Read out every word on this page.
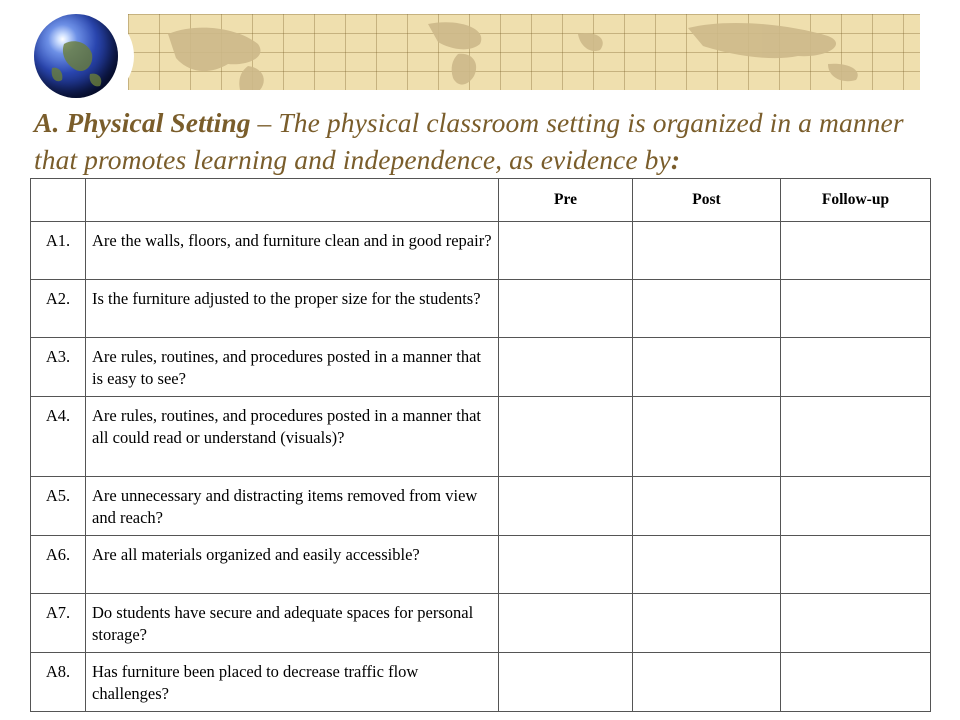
A. Physical Setting – The physical classroom setting is organized in a manner that promotes learning and independence, as evidence by:
		Pre	Post	Follow-up
A1.	Are the walls, floors, and furniture clean and in good repair?			
A2.	Is the furniture adjusted to the proper size for the students?			
A3.	Are rules, routines, and procedures posted in a manner that is easy to see?			
A4.	Are rules, routines, and procedures posted in a manner that all could read or understand (visuals)?			
A5.	Are unnecessary and distracting items removed from view and reach?			
A6.	Are all materials organized and easily accessible?			
A7.	Do students have secure and adequate spaces for personal storage?			
A8.	Has furniture been placed to decrease traffic flow challenges?			
